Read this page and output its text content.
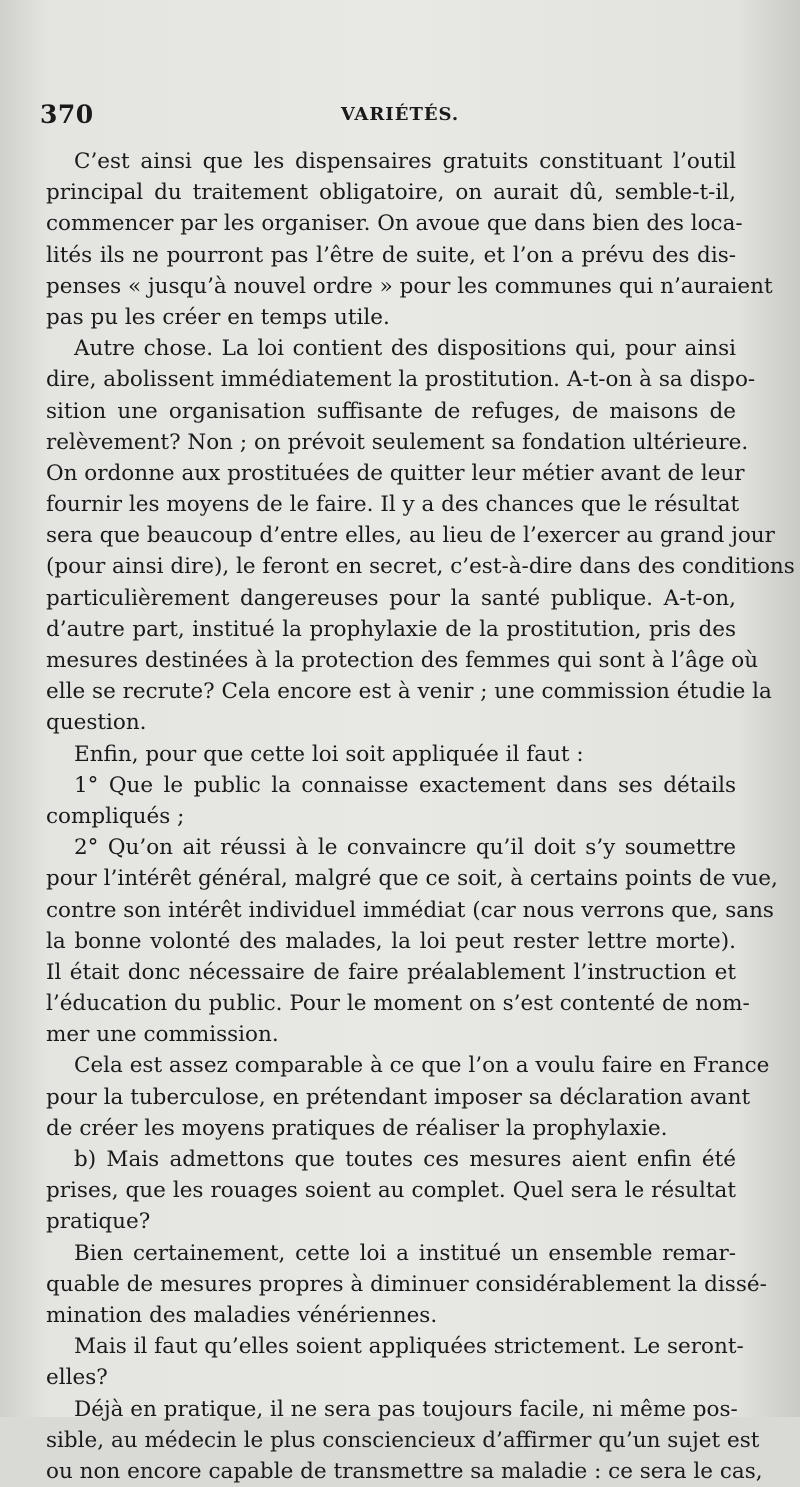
370	VARIÉTÉS.
C’est ainsi que les dispensaires gratuits constituant l’outil
principal du traitement obligatoire, on aurait dû, semble-t-il,
commencer par les organiser. On avoue que dans bien des loca-
lités ils ne pourront pas l’être de suite, et l’on a prévu des dis-
penses « jusqu’à nouvel ordre » pour les communes qui n’auraient
pas pu les créer en temps utile.
Autre chose. La loi contient des dispositions qui, pour ainsi
dire, abolissent immédiatement la prostitution. A-t-on à sa dispo-
sition une organisation suffisante de refuges, de maisons de
relèvement? Non ; on prévoit seulement sa fondation ultérieure.
On ordonne aux prostituées de quitter leur métier avant de leur
fournir les moyens de le faire. Il y a des chances que le résultat
sera que beaucoup d’entre elles, au lieu de l’exercer au grand jour
(pour ainsi dire), le feront en secret, c’est-à-dire dans des conditions
particulièrement dangereuses pour la santé publique. A-t-on,
d’autre part, institué la prophylaxie de la prostitution, pris des
mesures destinées à la protection des femmes qui sont à l’âge où
elle se recrute? Cela encore est à venir ; une commission étudie la
question.
Enfin, pour que cette loi soit appliquée il faut :
1° Que le public la connaisse exactement dans ses détails
compliqués ;
2° Qu’on ait réussi à le convaincre qu’il doit s’y soumettre
pour l’intérêt général, malgré que ce soit, à certains points de vue,
contre son intérêt individuel immédiat (car nous verrons que, sans
la bonne volonté des malades, la loi peut rester lettre morte).
Il était donc nécessaire de faire préalablement l’instruction et
l’éducation du public. Pour le moment on s’est contenté de nom-
mer une commission.
Cela est assez comparable à ce que l’on a voulu faire en France
pour la tuberculose, en prétendant imposer sa déclaration avant
de créer les moyens pratiques de réaliser la prophylaxie.
b) Mais admettons que toutes ces mesures aient enfin été
prises, que les rouages soient au complet. Quel sera le résultat
pratique?
Bien certainement, cette loi a institué un ensemble remar-
quable de mesures propres à diminuer considérablement la dissé-
mination des maladies vénériennes.
Mais il faut qu’elles soient appliquées strictement. Le seront-
elles?
Déjà en pratique, il ne sera pas toujours facile, ni même pos-
sible, au médecin le plus consciencieux d’affirmer qu’un sujet est
ou non encore capable de transmettre sa maladie : ce sera le cas,
